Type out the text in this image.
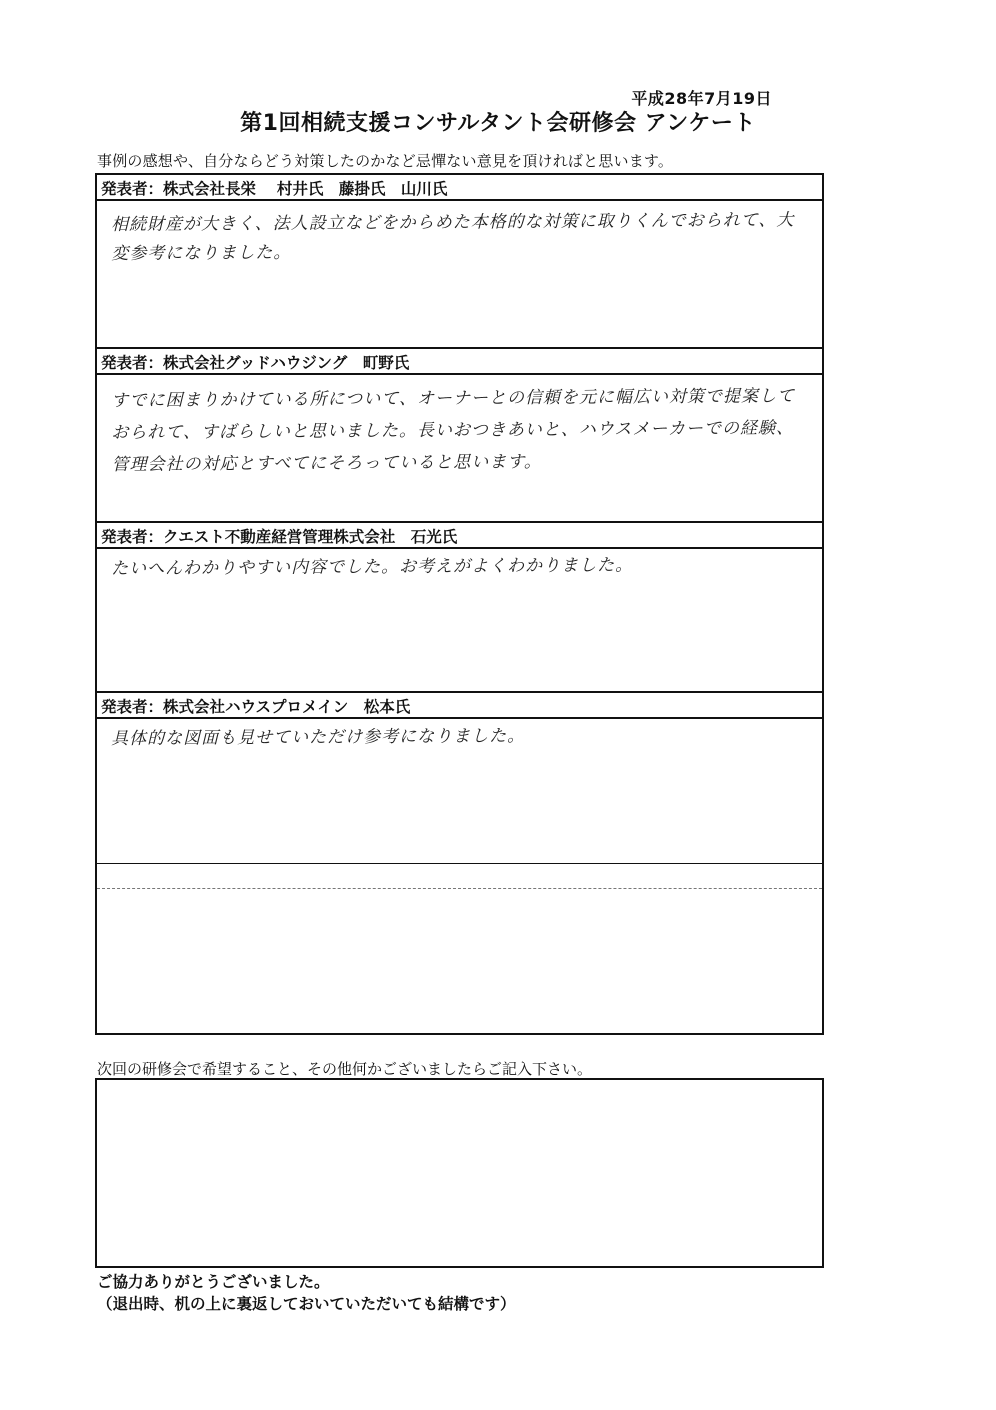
平成28年7月19日
第1回相続支援コンサルタント会研修会 アンケート
事例の感想や、自分ならどう対策したのかなど忌憚ない意見を頂ければと思います。
発表者：株式会社長栄　 村井氏　藤掛氏　山川氏
相続財産が大きく、法人設立などをからめた本格的な対策に取りくんでおられて、大変参考になりました。
発表者：株式会社グッドハウジング　町野氏
すでに困まりかけている所について、オーナーとの信頼を元に幅広い対策で提案しておられて、すばらしいと思いました。長いおつきあいと、ハウスメーカーでの経験、管理会社の対応とすべてにそろっていると思います。
発表者：クエスト不動産経営管理株式会社　石光氏
たいへんわかりやすい内容でした。お考えがよくわかりました。
発表者：株式会社ハウスプロメイン　松本氏
具体的な図面も見せていただけ参考になりました。
次回の研修会で希望すること、その他何かございましたらご記入下さい。
ご協力ありがとうございました。
（退出時、机の上に裏返しておいていただいても結構です）
